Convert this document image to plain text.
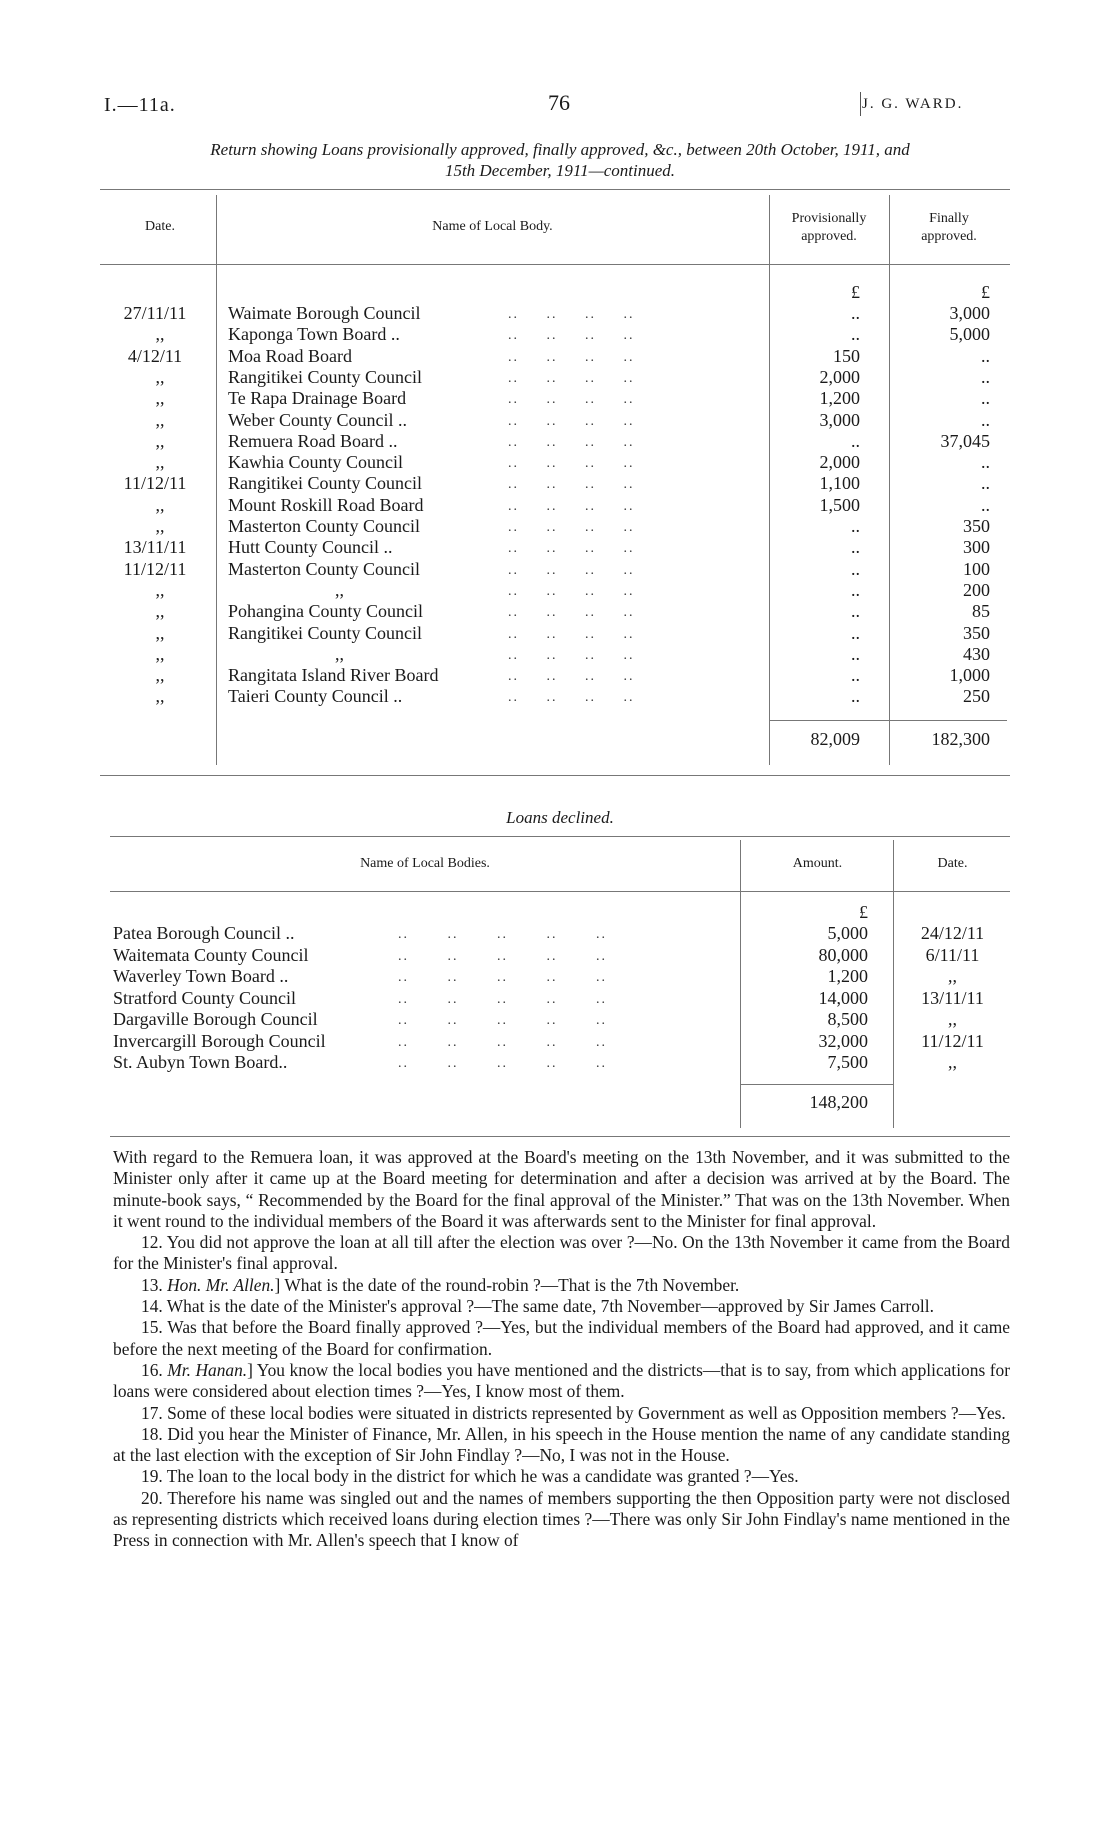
I.—11a.	76	J. G. WARD.
Return showing Loans provisionally approved, finally approved, &c., between 20th October, 1911, and
15th December, 1911—continued.
Date.	Name of Local Body.
Provisionally
approved.
Finally
approved.
£	£
27/11/11	Waimate Borough Council	..     ..     ..     ..	..	3,000
,,	Kaponga Town Board ..	..     ..     ..     ..	..	5,000
4/12/11	Moa Road Board	..     ..     ..     ..	150	..
,,	Rangitikei County Council	..     ..     ..     ..	2,000	..
,,	Te Rapa Drainage Board	..     ..     ..     ..	1,200	..
,,	Weber County Council ..	..     ..     ..     ..	3,000	..
,,	Remuera Road Board ..	..     ..     ..     ..	..	37,045
,,	Kawhia County Council	..     ..     ..     ..	2,000	..
11/12/11	Rangitikei County Council	..     ..     ..     ..	1,100	..
,,	Mount Roskill Road Board	..     ..     ..     ..	1,500	..
,,	Masterton County Council	..     ..     ..     ..	..	350
13/11/11	Hutt County Council ..	..     ..     ..     ..	..	300
11/12/11	Masterton County Council	..     ..     ..     ..	..	100
,,	,,	..     ..     ..     ..	..	200
,,	Pohangina County Council	..     ..     ..     ..	..	85
,,	Rangitikei County Council	..     ..     ..     ..	..	350
,,	,,	..     ..     ..     ..	..	430
,,	Rangitata Island River Board	..     ..     ..     ..	..	1,000
,,	Taieri County Council ..	..     ..     ..     ..	..	250
82,009	182,300
Loans declined.
Name of Local Bodies.	Amount.	Date.
£
Patea Borough Council ..	..       ..       ..       ..       ..	5,000	24/12/11
Waitemata County Council	..       ..       ..       ..       ..	80,000	6/11/11
Waverley Town Board ..	..       ..       ..       ..       ..	1,200	,,
Stratford County Council	..       ..       ..       ..       ..	14,000	13/11/11
Dargaville Borough Council	..       ..       ..       ..       ..	8,500	,,
Invercargill Borough Council	..       ..       ..       ..       ..	32,000	11/12/11
St. Aubyn Town Board..	..       ..       ..       ..       ..	7,500	,,
148,200

With regard to the Remuera loan, it was approved at the Board's meeting on the 13th November, and it was submitted to the Minister only after it came up at the Board meeting for determination and after a decision was arrived at by the Board. The minute-book says, “ Recommended by the Board for the final approval of the Minister.” That was on the 13th November. When it went round to the individual members of the Board it was afterwards sent to the Minister for final approval.

12. You did not approve the loan at all till after the election was over ?—No. On the 13th November it came from the Board for the Minister's final approval.

13. Hon. Mr. Allen.] What is the date of the round-robin ?—That is the 7th November.

14. What is the date of the Minister's approval ?—The same date, 7th November—approved by Sir James Carroll.

15. Was that before the Board finally approved ?—Yes, but the individual members of the Board had approved, and it came before the next meeting of the Board for confirmation.

16. Mr. Hanan.] You know the local bodies you have mentioned and the districts—that is to say, from which applications for loans were considered about election times ?—Yes, I know most of them.

17. Some of these local bodies were situated in districts represented by Government as well as Opposition members ?—Yes.

18. Did you hear the Minister of Finance, Mr. Allen, in his speech in the House mention the name of any candidate standing at the last election with the exception of Sir John Findlay ?—No, I was not in the House.

19. The loan to the local body in the district for which he was a candidate was granted ?—Yes.

20. Therefore his name was singled out and the names of members supporting the then Opposition party were not disclosed as representing districts which received loans during election times ?—There was only Sir John Findlay's name mentioned in the Press in connection with Mr. Allen's speech that I know of
